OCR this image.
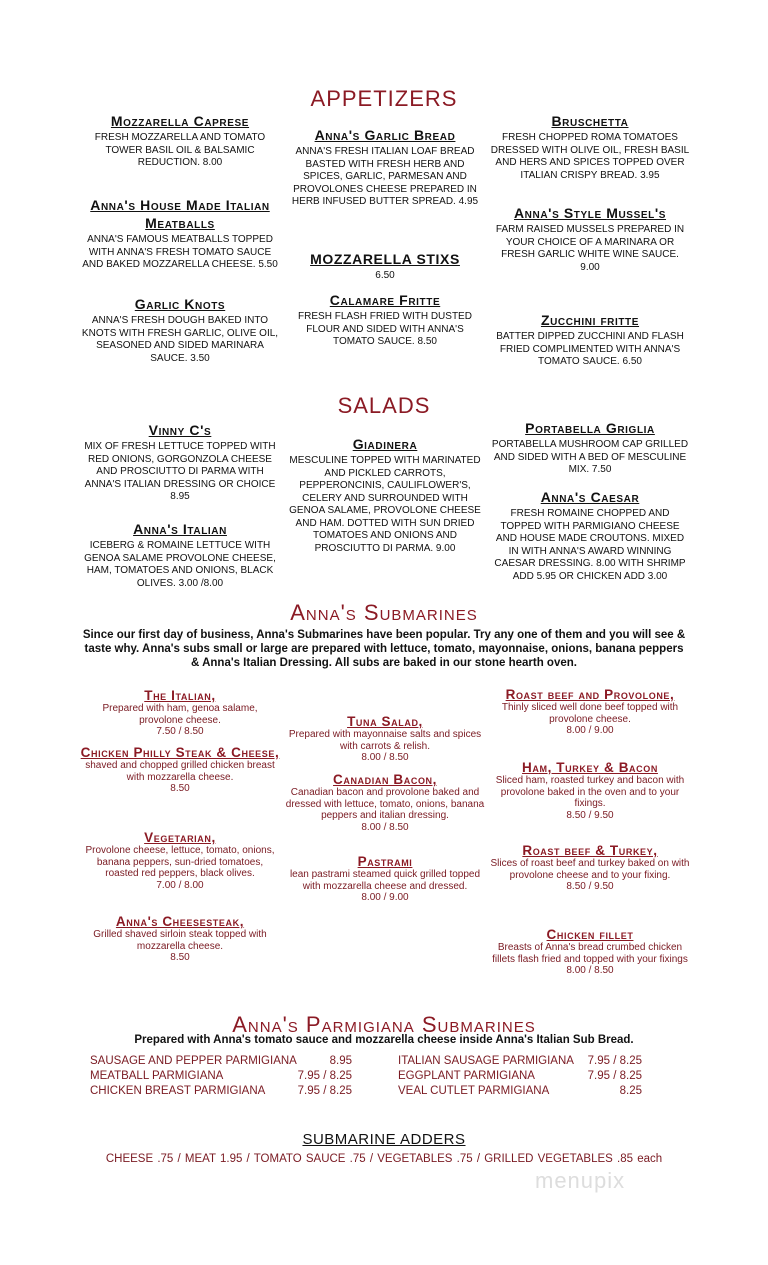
APPETIZERS
Mozzarella Caprese
FRESH MOZZARELLA AND TOMATO TOWER BASIL OIL & BALSAMIC REDUCTION. 8.00
Anna's House Made Italian Meatballs
ANNA'S FAMOUS MEATBALLS TOPPED WITH ANNA'S FRESH TOMATO SAUCE AND BAKED MOZZARELLA CHEESE. 5.50
Garlic Knots
ANNA'S FRESH DOUGH BAKED INTO KNOTS WITH FRESH GARLIC, OLIVE OIL, SEASONED AND SIDED MARINARA SAUCE. 3.50
Anna's Garlic Bread
ANNA'S FRESH ITALIAN LOAF BREAD BASTED WITH FRESH HERB AND SPICES, GARLIC, PARMESAN AND PROVOLONES CHEESE PREPARED IN HERB INFUSED BUTTER SPREAD. 4.95
MOZZARELLA STIXS
6.50
Calamare Fritte
FRESH FLASH FRIED WITH DUSTED FLOUR AND SIDED WITH ANNA'S TOMATO SAUCE. 8.50
Bruschetta
FRESH CHOPPED ROMA TOMATOES DRESSED WITH OLIVE OIL, FRESH BASIL AND HERS AND SPICES TOPPED OVER ITALIAN CRISPY BREAD. 3.95
Anna's Style Mussel's
FARM RAISED MUSSELS PREPARED IN YOUR CHOICE OF A MARINARA OR FRESH GARLIC WHITE WINE SAUCE. 9.00
Zucchini fritte
BATTER DIPPED ZUCCHINI AND FLASH FRIED COMPLIMENTED WITH ANNA'S TOMATO SAUCE. 6.50
SALADS
Vinny C's
MIX OF FRESH LETTUCE TOPPED WITH RED ONIONS, GORGONZOLA CHEESE AND PROSCIUTTO DI PARMA WITH ANNA'S ITALIAN DRESSING OR CHOICE 8.95
Anna's Italian
ICEBERG & ROMAINE LETTUCE WITH GENOA SALAME PROVOLONE CHEESE, HAM, TOMATOES AND ONIONS, BLACK OLIVES. 3.00 /8.00
Giadinera
MESCULINE TOPPED WITH MARINATED AND PICKLED CARROTS, PEPPERONCINIS, CAULIFLOWER'S, CELERY AND SURROUNDED WITH GENOA SALAME, PROVOLONE CHEESE AND HAM. DOTTED WITH SUN DRIED TOMATOES AND ONIONS AND PROSCIUTTO DI PARMA. 9.00
Portabella Griglia
PORTABELLA MUSHROOM CAP GRILLED AND SIDED WITH A BED OF MESCULINE MIX. 7.50
Anna's Caesar
FRESH ROMAINE CHOPPED AND TOPPED WITH PARMIGIANO CHEESE AND HOUSE MADE CROUTONS. MIXED IN WITH ANNA'S AWARD WINNING CAESAR DRESSING. 8.00 WITH SHRIMP ADD 5.95 OR CHICKEN ADD 3.00
Anna's Submarines
Since our first day of business, Anna's Submarines have been popular. Try any one of them and you will see & taste why. Anna's subs small or large are prepared with lettuce, tomato, mayonnaise, onions, banana peppers & Anna's Italian Dressing. All subs are baked in our stone hearth oven.
The Italian,
Prepared with ham, genoa salame, provolone cheese.
7.50 / 8.50
Chicken Philly Steak & Cheese,
shaved and chopped grilled chicken breast with mozzarella cheese.
8.50
Vegetarian,
Provolone cheese, lettuce, tomato, onions, banana peppers, sun-dried tomatoes, roasted red peppers, black olives.
7.00 / 8.00
Anna's Cheesesteak,
Grilled shaved sirloin steak topped with mozzarella cheese.
8.50
Tuna Salad,
Prepared with mayonnaise salts and spices with carrots & relish.
8.00 / 8.50
Canadian Bacon,
Canadian bacon and provolone baked and dressed with lettuce, tomato, onions, banana peppers and italian dressing.
8.00 / 8.50
Pastrami
lean pastrami steamed quick grilled topped with mozzarella cheese and dressed.
8.00 / 9.00
Roast beef and Provolone,
Thinly sliced well done beef topped with provolone cheese.
8.00 / 9.00
Ham, Turkey & Bacon
Sliced ham, roasted turkey and bacon with provolone baked in the oven and to your fixings.
8.50 / 9.50
Roast beef & Turkey,
Slices of roast beef and turkey baked on with provolone cheese and to your fixing.
8.50 / 9.50
Chicken fillet
Breasts of Anna's bread crumbed chicken fillets flash fried and topped with your fixings
8.00 / 8.50
Anna's Parmigiana Submarines
Prepared with Anna's tomato sauce and mozzarella cheese inside Anna's Italian Sub Bread.
SAUSAGE AND PEPPER PARMIGIANA	8.95
MEATBALL PARMIGIANA	7.95 / 8.25
CHICKEN BREAST PARMIGIANA	7.95 / 8.25
ITALIAN SAUSAGE PARMIGIANA 7.95 / 8.25
EGGPLANT PARMIGIANA	7.95 / 8.25
VEAL CUTLET PARMIGIANA	8.25
SUBMARINE ADDERS
CHEESE .75 / MEAT 1.95 / TOMATO SAUCE .75 / VEGETABLES .75 / GRILLED VEGETABLES .85 each
menupix
